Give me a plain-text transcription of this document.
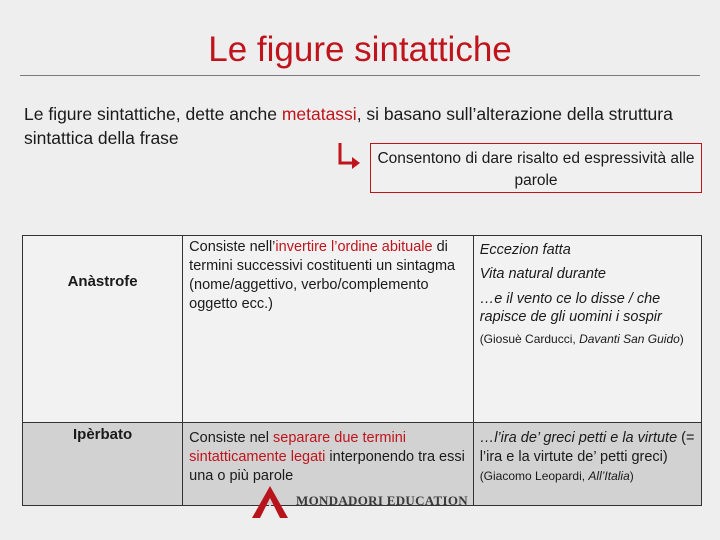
Le figure sintattiche
Le figure sintattiche, dette anche metatassi, si basano sull’alterazione della struttura sintattica della frase
Consentono di dare risalto ed espressività alle parole
Anàstrofe	Consiste nell’invertire l’ordine abituale di termini successivi costituenti un sintagma (nome/aggettivo, verbo/complemento oggetto ecc.)	Eccezion fatta
Vita natural durante
…e il vento ce lo disse / che rapisce de gli uomini i sospir
(Giosuè Carducci, Davanti San Guido)

Ipèrbato	Consiste nel separare due termini sintatticamente legati interponendo tra essi una o più parole	…l’ira de’ greci petti e la virtute (= l’ira e la virtute de’ petti greci) (Giacomo Leopardi, All’Italia)
MONDADORI EDUCATION
